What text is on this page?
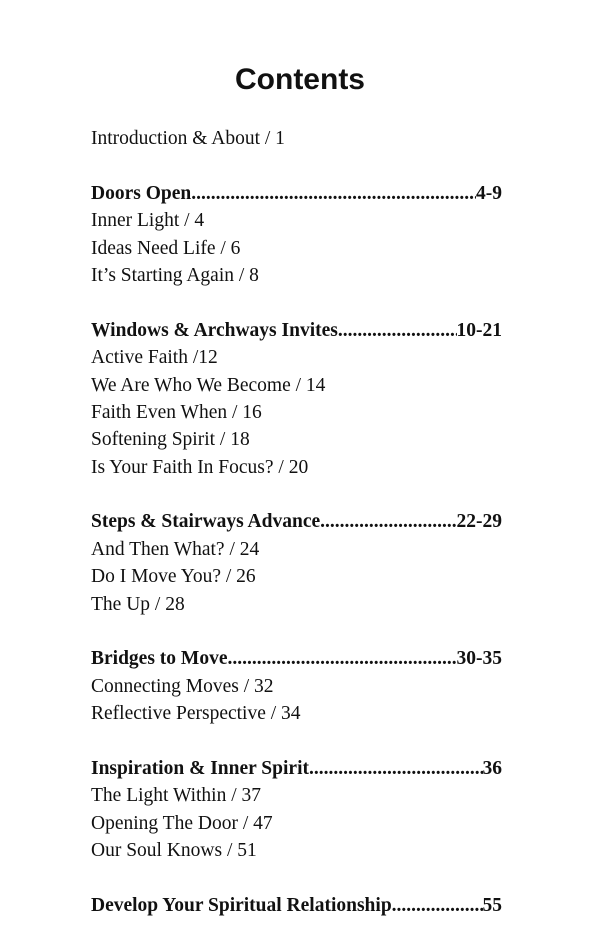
Contents
Introduction & About / 1
Doors Open .....	4-9
Inner Light / 4
Ideas Need Life / 6
It’s Starting Again / 8
Windows & Archways Invites .....	10-21
Active Faith /12
We Are Who We Become / 14
Faith Even When / 16
Softening Spirit / 18
Is Your Faith In Focus? / 20
Steps & Stairways Advance .....	22-29
And Then What? / 24
Do I Move You? / 26
The Up / 28
Bridges to Move .....	30-35
Connecting Moves / 32
Reflective Perspective / 34
Inspiration & Inner Spirit .....	36
The Light Within / 37
Opening The Door / 47
Our Soul Knows / 51
Develop Your Spiritual Relationship .....	55
